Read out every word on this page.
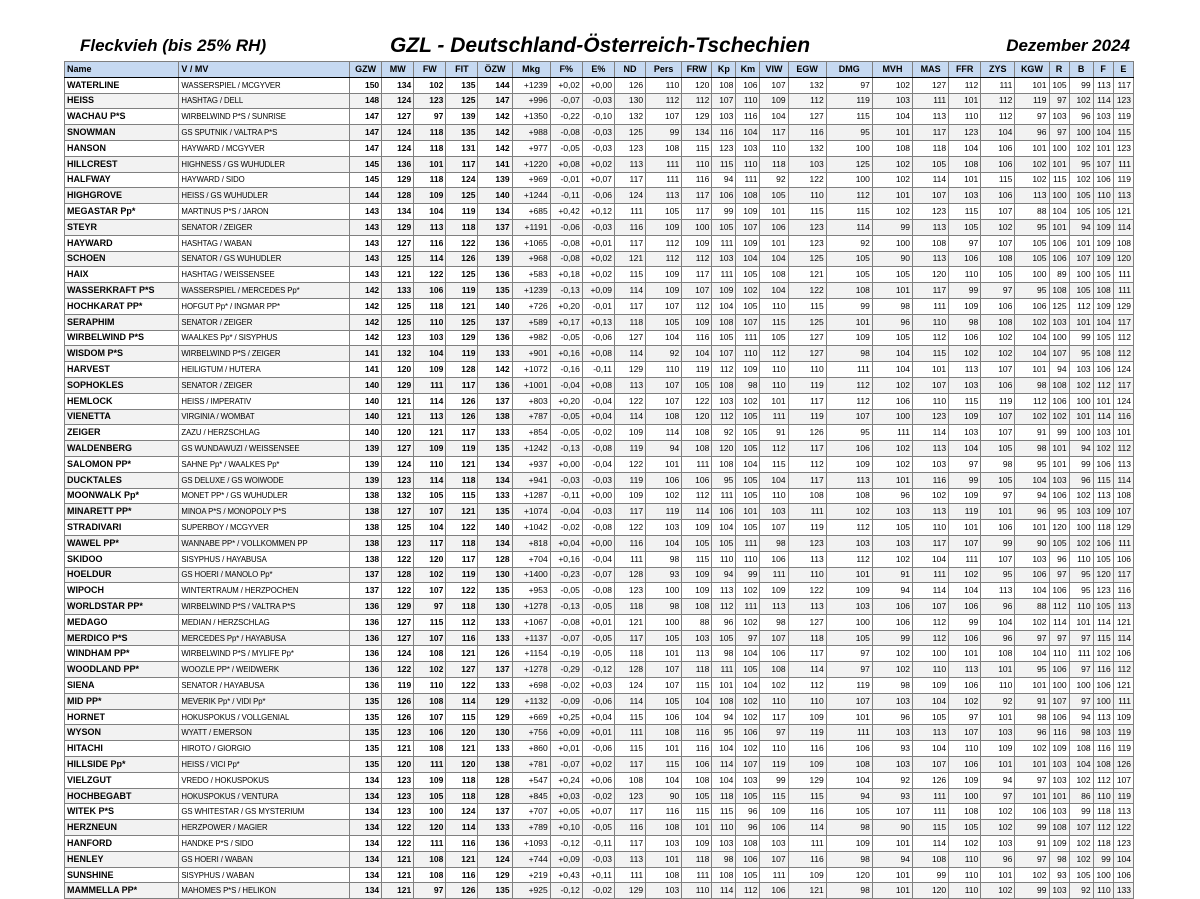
Fleckvieh (bis 25% RH)	GZL - Deutschland-Österreich-Tschechien	Dezember 2024
Name	V / MV	GZW	MW	FW	FIT	ÖZW	Mkg	F%	E%	ND	Pers	FRW	Kp	Km	VIW	EGW	DMG	MVH	MAS	FFR	ZYS	KGW	R	B	F	E
WATERLINE	WASSERSPIEL / MCGYVER	150	134	102	135	144	+1239	+0,02	+0,00	126	110	120	108	106	107	132	97	102	127	112	111	101	105	99	113	117
HEISS	HASHTAG / DELL	148	124	123	125	147	+996	-0,07	-0,03	130	112	112	107	110	109	112	119	103	111	101	112	119	97	102	114	123
WACHAU P*S	WIRBELWIND P*S / SUNRISE	147	127	97	139	142	+1350	-0,22	-0,10	132	107	129	103	116	104	127	115	104	113	110	112	97	103	96	103	119
SNOWMAN	GS SPUTNIK / VALTRA P*S	147	124	118	135	142	+988	-0,08	-0,03	125	99	134	116	104	117	116	95	101	117	123	104	96	97	100	104	115
HANSON	HAYWARD / MCGYVER	147	124	118	131	142	+977	-0,05	-0,03	123	108	115	123	103	110	132	100	108	118	104	106	101	100	102	101	123
HILLCREST	HIGHNESS / GS WUHUDLER	145	136	101	117	141	+1220	+0,08	+0,02	113	111	110	115	110	118	103	125	102	105	108	106	102	101	95	107	111
HALFWAY	HAYWARD / SIDO	145	129	118	124	139	+969	-0,01	+0,07	117	111	116	94	111	92	122	100	102	114	101	115	102	115	102	106	119
HIGHGROVE	HEISS / GS WUHUDLER	144	128	109	125	140	+1244	-0,11	-0,06	124	113	117	106	108	105	110	112	101	107	103	106	113	100	105	110	113
MEGASTAR Pp*	MARTINUS P*S / JARON	143	134	104	119	134	+685	+0,42	+0,12	111	105	117	99	109	101	115	115	102	123	115	107	88	104	105	105	121
STEYR	SENATOR / ZEIGER	143	129	113	118	137	+1191	-0,06	-0,03	116	109	100	105	107	106	123	114	99	113	105	102	95	101	94	109	114
HAYWARD	HASHTAG / WABAN	143	127	116	122	136	+1065	-0,08	+0,01	117	112	109	111	109	101	123	92	100	108	97	107	105	106	101	109	108
SCHOEN	SENATOR / GS WUHUDLER	143	125	114	126	139	+968	-0,08	+0,02	121	112	112	103	104	104	125	105	90	113	106	108	105	106	107	109	120
HAIX	HASHTAG / WEISSENSEE	143	121	122	125	136	+583	+0,18	+0,02	115	109	117	111	105	108	121	105	105	120	110	105	100	89	100	105	111
WASSERKRAFT P*S	WASSERSPIEL / MERCEDES Pp*	142	133	106	119	135	+1239	-0,13	+0,09	114	109	107	109	102	104	122	108	101	117	99	97	95	108	105	108	111
HOCHKARAT PP*	HOFGUT Pp* / INGMAR PP*	142	125	118	121	140	+726	+0,20	-0,01	117	107	112	104	105	110	115	99	98	111	109	106	106	125	112	109	129
SERAPHIM	SENATOR / ZEIGER	142	125	110	125	137	+589	+0,17	+0,13	118	105	109	108	107	115	125	101	96	110	98	108	102	103	101	104	117
WIRBELWIND P*S	WAALKES Pp* / SISYPHUS	142	123	103	129	136	+982	-0,05	-0,06	127	104	116	105	111	105	127	109	105	112	106	102	104	100	99	105	112
WISDOM P*S	WIRBELWIND P*S / ZEIGER	141	132	104	119	133	+901	+0,16	+0,08	114	92	104	107	110	112	127	98	104	115	102	102	104	107	95	108	112
HARVEST	HEILIGTUM / HUTERA	141	120	109	128	142	+1072	-0,16	-0,11	129	110	119	112	109	110	110	111	104	101	113	107	101	94	103	106	124
SOPHOKLES	SENATOR / ZEIGER	140	129	111	117	136	+1001	-0,04	+0,08	113	107	105	108	98	110	119	112	102	107	103	106	98	108	102	112	117
HEMLOCK	HEISS / IMPERATIV	140	121	114	126	137	+803	+0,20	-0,04	122	107	122	103	102	101	117	112	106	110	115	119	112	106	100	101	124
VIENETTA	VIRGINIA / WOMBAT	140	121	113	126	138	+787	-0,05	+0,04	114	108	120	112	105	111	119	107	100	123	109	107	102	102	101	114	116
ZEIGER	ZAZU / HERZSCHLAG	140	120	121	117	133	+854	-0,05	-0,02	109	114	108	92	105	91	126	95	111	114	103	107	91	99	100	103	101
WALDENBERG	GS WUNDAWUZI / WEISSENSEE	139	127	109	119	135	+1242	-0,13	-0,08	119	94	108	120	105	112	117	106	102	113	104	105	98	101	94	102	112
SALOMON PP*	SAHNE Pp* / WAALKES Pp*	139	124	110	121	134	+937	+0,00	-0,04	122	101	111	108	104	115	112	109	102	103	97	98	95	101	99	106	113
DUCKTALES	GS DELUXE / GS WOIWODE	139	123	114	118	134	+941	-0,03	-0,03	119	106	106	95	105	104	117	113	101	116	99	105	104	103	96	115	114
MOONWALK Pp*	MONET PP* / GS WUHUDLER	138	132	105	115	133	+1287	-0,11	+0,00	109	102	112	111	105	110	108	108	96	102	109	97	94	106	102	113	108
MINARETT PP*	MINOA P*S / MONOPOLY P*S	138	127	107	121	135	+1074	-0,04	-0,03	117	119	114	106	101	103	111	102	103	113	119	101	96	95	103	109	107
STRADIVARI	SUPERBOY / MCGYVER	138	125	104	122	140	+1042	-0,02	-0,08	122	103	109	104	105	107	119	112	105	110	101	106	101	120	100	118	129
WAWEL PP*	WANNABE PP* / VOLLKOMMEN PP	138	123	117	118	134	+818	+0,04	+0,00	116	104	105	105	111	98	123	103	103	117	107	99	90	105	102	106	111
SKIDOO	SISYPHUS / HAYABUSA	138	122	120	117	128	+704	+0,16	-0,04	111	98	115	110	110	106	113	112	102	104	111	107	103	96	110	105	106
HOELDUR	GS HOERI / MANOLO Pp*	137	128	102	119	130	+1400	-0,23	-0,07	128	93	109	94	99	111	110	101	91	111	102	95	106	97	95	120	117
WIPOCH	WINTERTRAUM / HERZPOCHEN	137	122	107	122	135	+953	-0,05	-0,08	123	100	109	113	102	109	122	109	94	114	104	113	104	106	95	123	116
WORLDSTAR PP*	WIRBELWIND P*S / VALTRA P*S	136	129	97	118	130	+1278	-0,13	-0,05	118	98	108	112	111	113	113	103	106	107	106	96	88	112	110	105	113
MEDAGO	MEDIAN / HERZSCHLAG	136	127	115	112	133	+1067	-0,08	+0,01	121	100	88	96	102	98	127	100	106	112	99	104	102	114	101	114	121
MERDICO P*S	MERCEDES Pp* / HAYABUSA	136	127	107	116	133	+1137	-0,07	-0,05	117	105	103	105	97	107	118	105	99	112	106	96	97	97	97	115	114
WINDHAM PP*	WIRBELWIND P*S / MYLIFE Pp*	136	124	108	121	126	+1154	-0,19	-0,05	118	101	113	98	104	106	117	97	102	100	101	108	104	110	111	102	106
WOODLAND PP*	WOOZLE PP* / WEIDWERK	136	122	102	127	137	+1278	-0,29	-0,12	128	107	118	111	105	108	114	97	102	110	113	101	95	106	97	116	112
SIENA	SENATOR / HAYABUSA	136	119	110	122	133	+698	-0,02	+0,03	124	107	115	101	104	102	112	119	98	109	106	110	101	100	100	106	121
MID PP*	MEVERIK Pp* / VIDI Pp*	135	126	108	114	129	+1132	-0,09	-0,06	114	105	104	108	102	110	110	107	103	104	102	92	91	107	97	100	111
HORNET	HOKUSPOKUS / VOLLGENIAL	135	126	107	115	129	+669	+0,25	+0,04	115	106	104	94	102	117	109	101	96	105	97	101	98	106	94	113	109
WYSON	WYATT / EMERSON	135	123	106	120	130	+756	+0,09	+0,01	111	108	116	95	106	97	119	111	103	113	107	103	96	116	98	103	119
HITACHI	HIROTO / GIORGIO	135	121	108	121	133	+860	+0,01	-0,06	115	101	116	104	102	110	116	106	93	104	110	109	102	109	108	116	119
HILLSIDE Pp*	HEISS / VICI Pp*	135	120	111	120	138	+781	-0,07	+0,02	117	115	106	114	107	119	109	108	103	107	106	101	101	103	104	108	126
VIELZGUT	VREDO / HOKUSPOKUS	134	123	109	118	128	+547	+0,24	+0,06	108	104	108	104	103	99	129	104	92	126	109	94	97	103	102	112	107
HOCHBEGABT	HOKUSPOKUS / VENTURA	134	123	105	118	128	+845	+0,03	-0,02	123	90	105	118	105	115	115	94	93	111	100	97	101	101	86	110	119
WITEK P*S	GS WHITESTAR / GS MYSTERIUM	134	123	100	124	137	+707	+0,05	+0,07	117	116	115	115	96	109	116	105	107	111	108	102	106	103	99	118	113
HERZNEUN	HERZPOWER / MAGIER	134	122	120	114	133	+789	+0,10	-0,05	116	108	101	110	96	106	114	98	90	115	105	102	99	108	107	112	122
HANFORD	HANDKE P*S / SIDO	134	122	111	116	136	+1093	-0,12	-0,11	117	103	109	103	108	103	111	109	101	114	102	103	91	109	102	118	123
HENLEY	GS HOERI / WABAN	134	121	108	121	124	+744	+0,09	-0,03	113	101	118	98	106	107	116	98	94	108	110	96	97	98	102	99	104
SUNSHINE	SISYPHUS / WABAN	134	121	108	116	129	+219	+0,43	+0,11	111	108	111	108	105	111	109	120	101	99	110	101	102	93	105	100	106
MAMMELLA PP*	MAHOMES P*S / HELIKON	134	121	97	126	135	+925	-0,12	-0,02	129	103	110	114	112	106	121	98	101	120	110	102	99	103	92	110	133
